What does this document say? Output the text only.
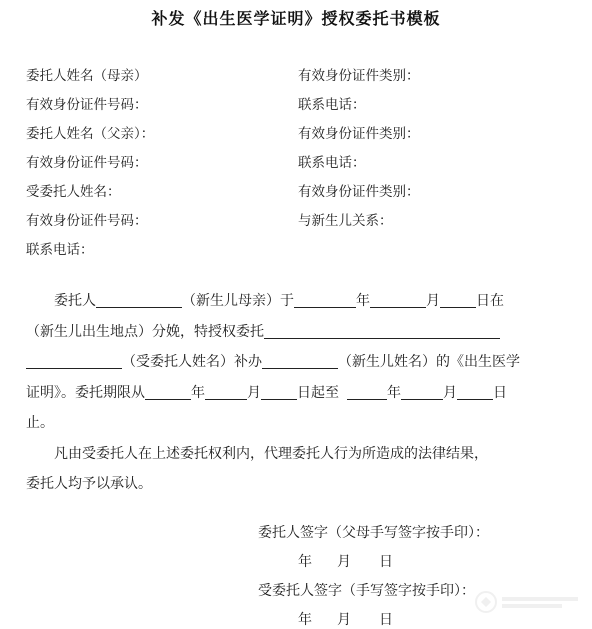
补发《出生医学证明》授权委托书模板
委托人姓名（母亲）	有效身份证件类别：
有效身份证件号码：	联系电话：
委托人姓名（父亲）：	有效身份证件类别：
有效身份证件号码：	联系电话：
受委托人姓名：	有效身份证件类别：
有效身份证件号码：	与新生儿关系：
联系电话：
委托人	（新生儿母亲）于	年	月	日在
（新生儿出生地点）分娩，特授权委托
（受委托人姓名）补办	（新生儿姓名）的《出生医学
证明》。委托期限从	年	月	日起至	年	月	日
止。
凡由受委托人在上述委托权利内，代理委托人行为所造成的法律结果，
委托人均予以承认。
委托人签字（父母手写签字按手印）：
年 月 日
受委托人签字（手写签字按手印）：
年 月 日
